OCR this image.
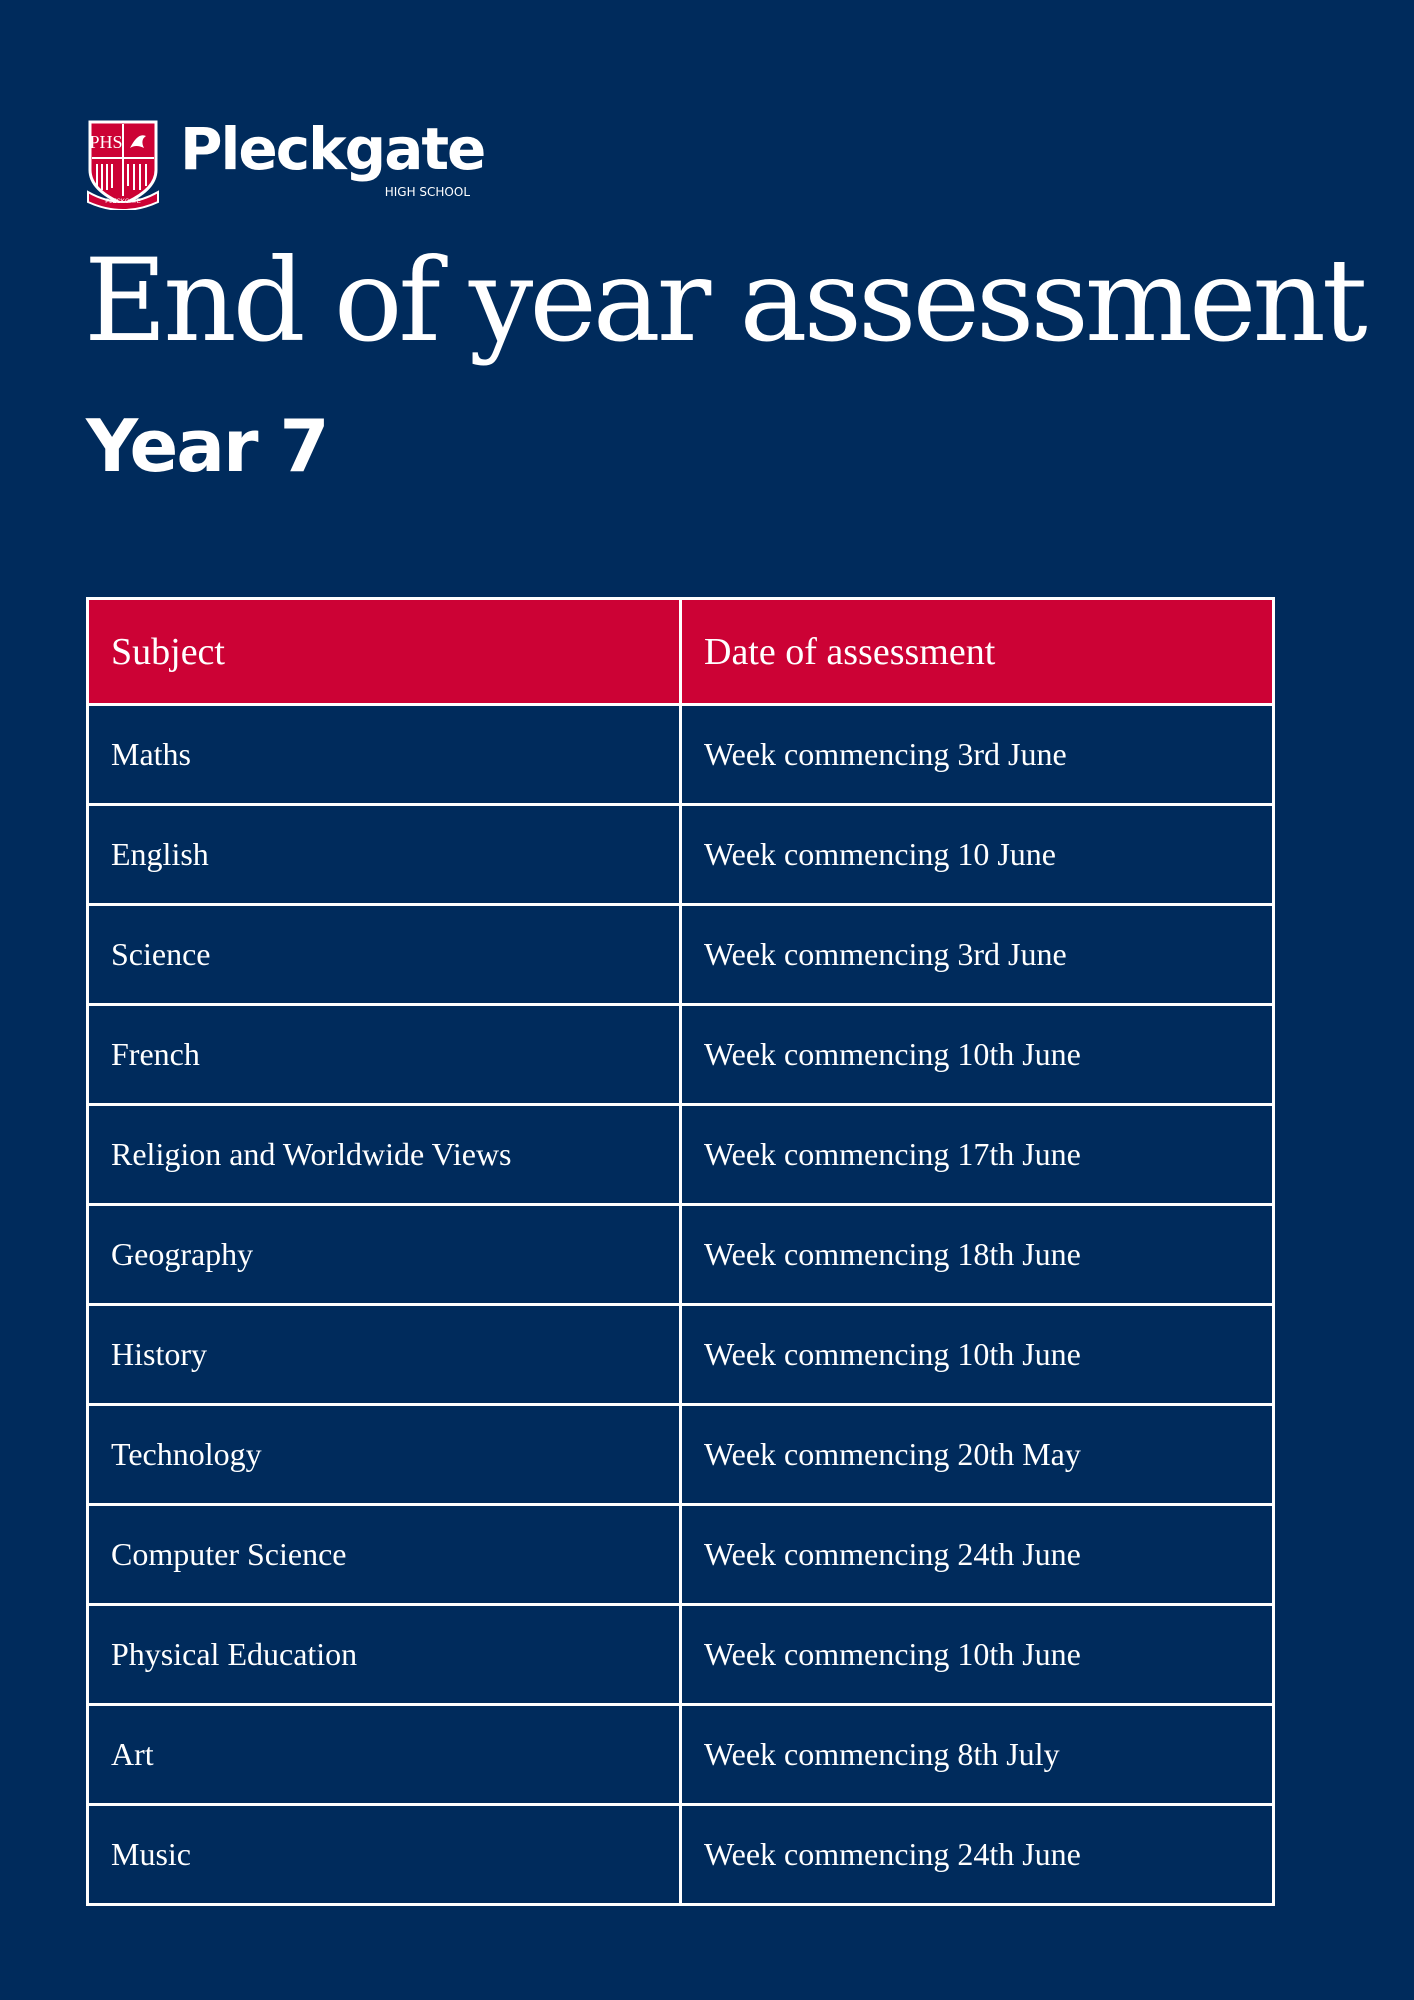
PHS
PLECKGATE
Pleckgate
HIGH SCHOOL
End of year assessment
Year 7
Subject	Date of assessment
Maths	Week commencing 3rd June
English	Week commencing 10 June
Science	Week commencing 3rd June
French	Week commencing 10th June
Religion and Worldwide Views	Week commencing 17th June
Geography	Week commencing 18th June
History	Week commencing 10th June
Technology	Week commencing 20th May
Computer Science	Week commencing 24th June
Physical Education	Week commencing 10th June
Art	Week commencing 8th July
Music	Week commencing 24th June
